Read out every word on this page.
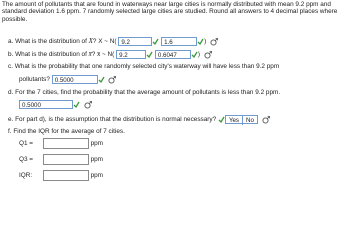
The amount of pollutants that are found in waterways near large cities is normally distributed with mean 9.2 ppm and standard deviation 1.6 ppm. 7 randomly selected large cities are studied. Round all answers to 4 decimal places where possible.
a. What is the distribution of X? X ~ N( 9.2	1.6	)
b. What is the distribution of x̄? x̄ ~ N( 9.2	0.6047	)
c. What is the probability that one randomly selected city's waterway will have less than 9.2 ppm
pollutants? 0.5000

d. For the 7 cities, find the probability that the average amount of pollutants is less than 9.2 ppm.
0.5000

e. For part d), is the assumption that the distribution is normal necessary? Yes No
f. Find the IQR for the average of 7 cities.
Q1 =	ppm
Q3 =	ppm
IQR:	ppm
